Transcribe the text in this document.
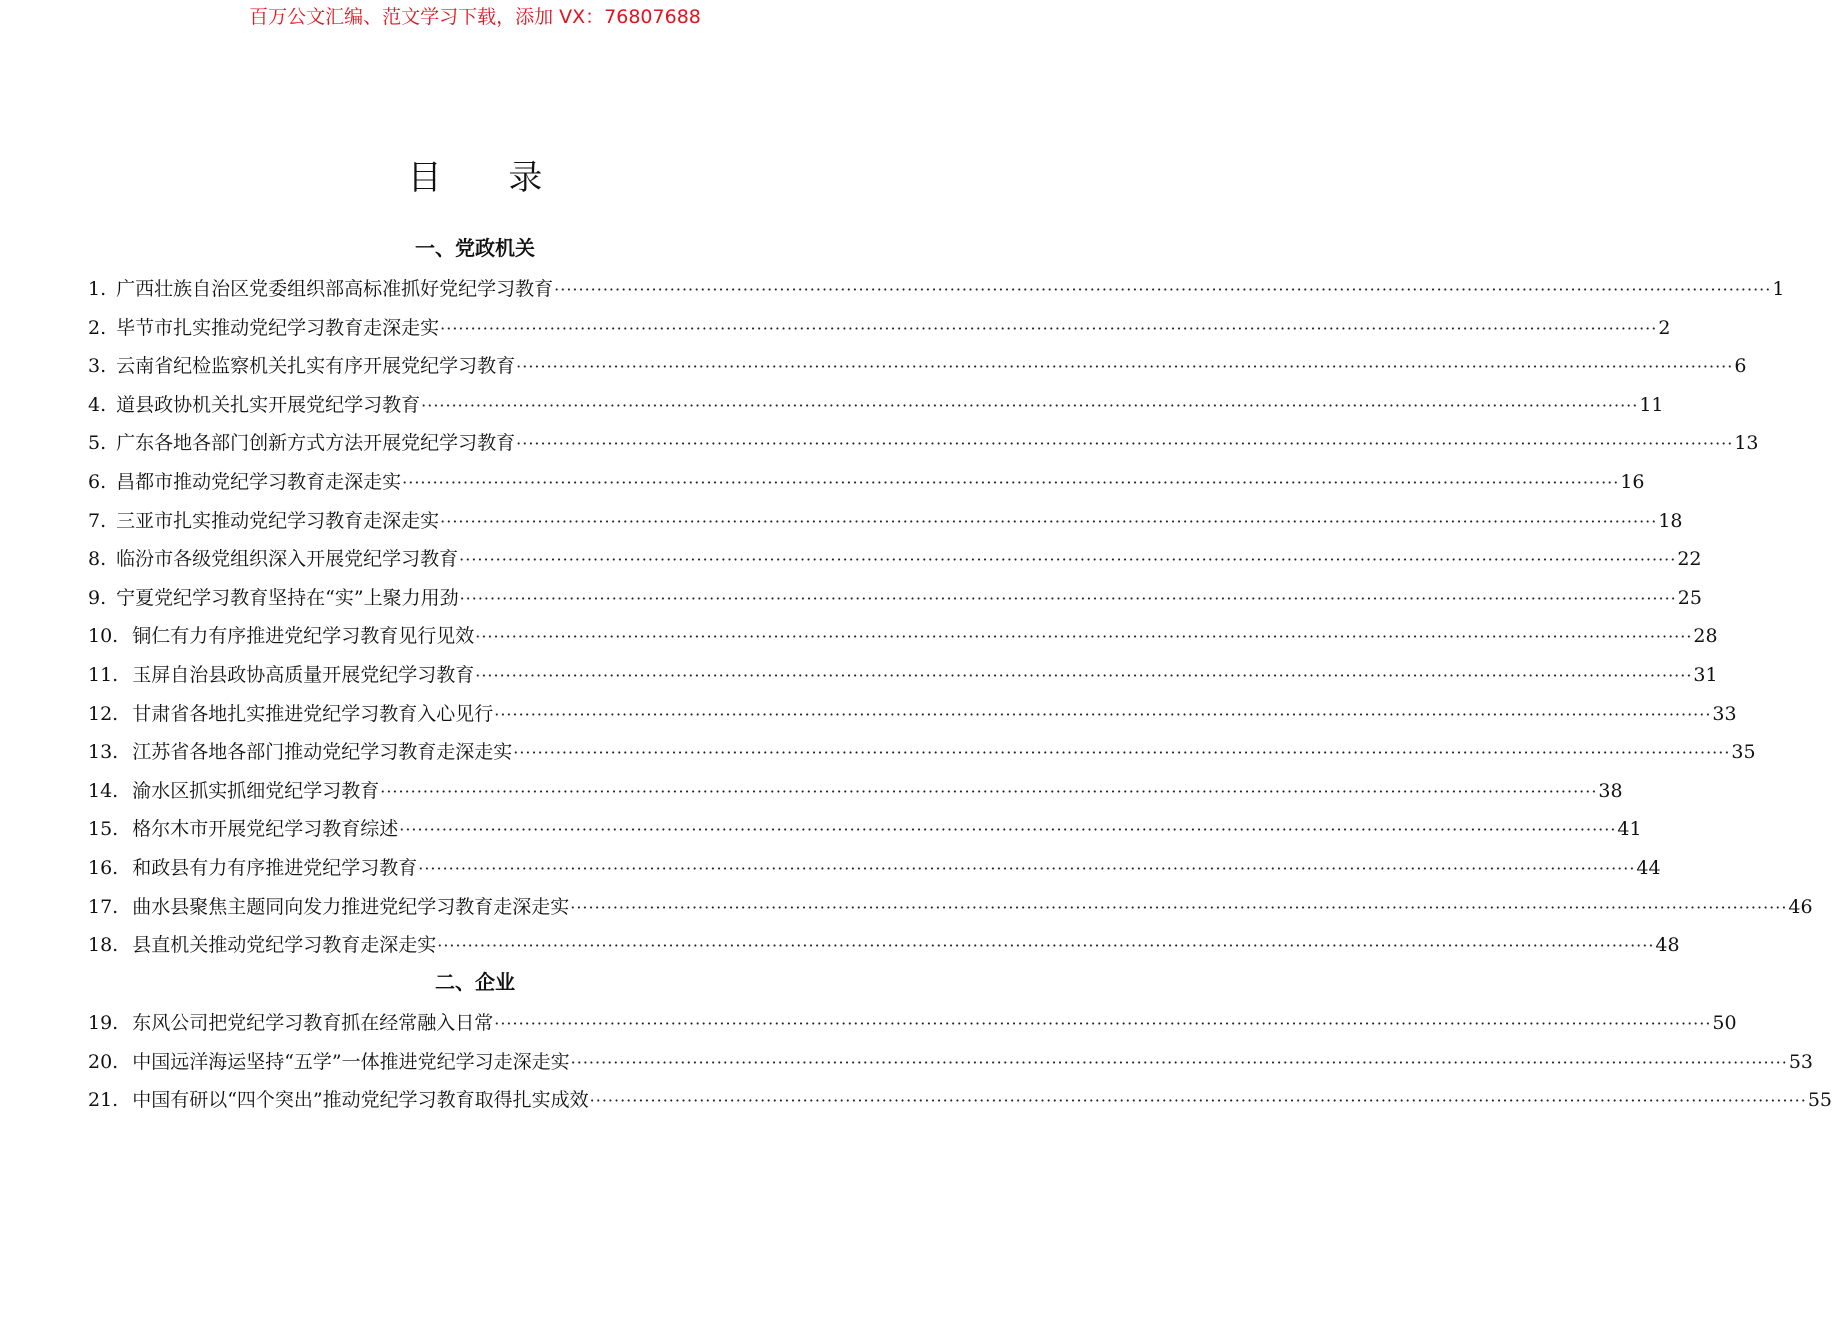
百万公文汇编、范文学习下载，添加 VX：76807688
目 录
一、党政机关
1. 广西壮族自治区党委组织部高标准抓好党纪学习教育 ········································································································································································································ 1
2. 毕节市扎实推动党纪学习教育走深走实 ········································································································································································································ 2
3. 云南省纪检监察机关扎实有序开展党纪学习教育 ········································································································································································································ 6
4. 道县政协机关扎实开展党纪学习教育 ········································································································································································································ 11
5. 广东各地各部门创新方式方法开展党纪学习教育 ········································································································································································································ 13
6. 昌都市推动党纪学习教育走深走实 ········································································································································································································ 16
7. 三亚市扎实推动党纪学习教育走深走实 ········································································································································································································ 18
8. 临汾市各级党组织深入开展党纪学习教育 ········································································································································································································ 22
9. 宁夏党纪学习教育坚持在“实”上聚力用劲 ········································································································································································································ 25
10. 铜仁有力有序推进党纪学习教育见行见效 ········································································································································································································ 28
11. 玉屏自治县政协高质量开展党纪学习教育 ········································································································································································································ 31
12. 甘肃省各地扎实推进党纪学习教育入心见行 ········································································································································································································ 33
13. 江苏省各地各部门推动党纪学习教育走深走实 ········································································································································································································ 35
14. 渝水区抓实抓细党纪学习教育 ········································································································································································································ 38
15. 格尔木市开展党纪学习教育综述 ········································································································································································································ 41
16. 和政县有力有序推进党纪学习教育 ········································································································································································································ 44
17. 曲水县聚焦主题同向发力推进党纪学习教育走深走实 ········································································································································································································ 46
18. 县直机关推动党纪学习教育走深走实 ········································································································································································································ 48
二、企业
19. 东风公司把党纪学习教育抓在经常融入日常 ········································································································································································································ 50
20. 中国远洋海运坚持“五学”一体推进党纪学习走深走实 ········································································································································································································ 53
21. 中国有研以“四个突出”推动党纪学习教育取得扎实成效 ········································································································································································································ 55
